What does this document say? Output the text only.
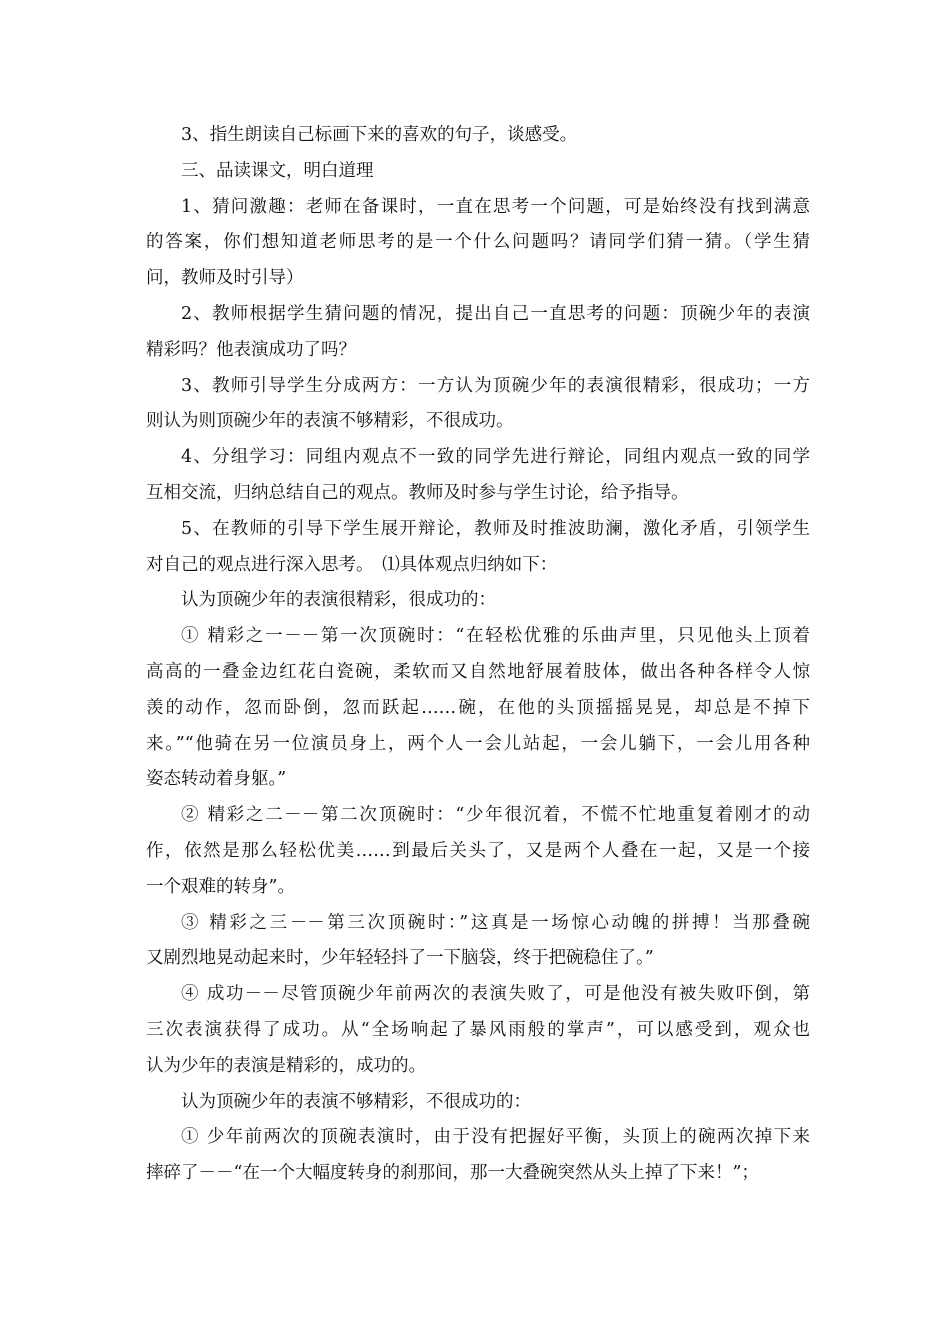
3、指生朗读自己标画下来的喜欢的句子，谈感受。
三、品读课文，明白道理
1、猜问激趣：老师在备课时，一直在思考一个问题，可是始终没有找到满意
的答案，你们想知道老师思考的是一个什么问题吗？请同学们猜一猜。（学生猜
问，教师及时引导）
2、教师根据学生猜问题的情况，提出自己一直思考的问题：顶碗少年的表演
精彩吗？他表演成功了吗？
3、教师引导学生分成两方：一方认为顶碗少年的表演很精彩，很成功；一方
则认为则顶碗少年的表演不够精彩，不很成功。
4、分组学习：同组内观点不一致的同学先进行辩论，同组内观点一致的同学
互相交流，归纳总结自己的观点。教师及时参与学生讨论，给予指导。
5、在教师的引导下学生展开辩论，教师及时推波助澜，激化矛盾，引领学生
对自己的观点进行深入思考。　⑴具体观点归纳如下：
认为顶碗少年的表演很精彩，很成功的：
① 精彩之一－－第一次顶碗时：“在轻松优雅的乐曲声里，只见他头上顶着
高高的一叠金边红花白瓷碗，柔软而又自然地舒展着肢体，做出各种各样令人惊
羡的动作，忽而卧倒，忽而跃起……碗，在他的头顶摇摇晃晃，却总是不掉下
来。”“他骑在另一位演员身上，两个人一会儿站起，一会儿躺下，一会儿用各种
姿态转动着身躯。”
② 精彩之二－－第二次顶碗时：“少年很沉着，不慌不忙地重复着刚才的动
作，依然是那么轻松优美……到最后关头了，又是两个人叠在一起，又是一个接
一个艰难的转身”。
③ 精彩之三－－第三次顶碗时：”这真是一场惊心动魄的拼搏！当那叠碗
又剧烈地晃动起来时，少年轻轻抖了一下脑袋，终于把碗稳住了。”
④ 成功－－尽管顶碗少年前两次的表演失败了，可是他没有被失败吓倒，第
三次表演获得了成功。从“全场响起了暴风雨般的掌声”，可以感受到，观众也
认为少年的表演是精彩的，成功的。
认为顶碗少年的表演不够精彩，不很成功的：
① 少年前两次的顶碗表演时，由于没有把握好平衡，头顶上的碗两次掉下来
摔碎了－－“在一个大幅度转身的刹那间，那一大叠碗突然从头上掉了下来！”；
